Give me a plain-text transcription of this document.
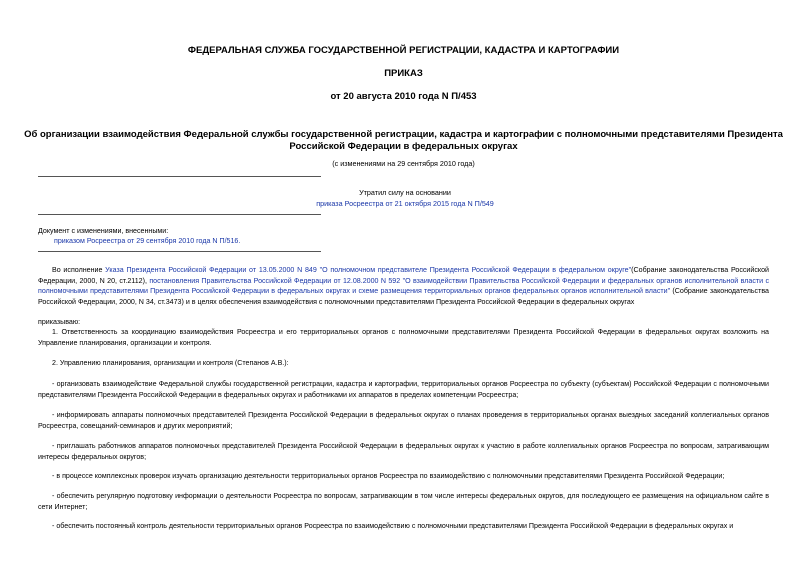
ФЕДЕРАЛЬНАЯ СЛУЖБА ГОСУДАРСТВЕННОЙ РЕГИСТРАЦИИ, КАДАСТРА И КАРТОГРАФИИ
ПРИКАЗ
от 20 августа 2010 года N П/453
Об организации взаимодействия Федеральной службы государственной регистрации, кадастра и картографии с полномочными представителями Президента
Российской Федерации в федеральных округах
(с изменениями на 29 сентября 2010 года)
Утратил силу на основании
приказа Росреестра от 21 октября 2015 года N П/549
Документ с изменениями, внесенными:
приказом Росреестра от 29 сентября 2010 года N П/516.
Во исполнение Указа Президента Российской Федерации от 13.05.2000 N 849 "О полномочном представителе Президента Российской Федерации в федеральном округе"(Собрание законодательства Российской Федерации, 2000, N 20, ст.2112), постановления Правительства Российской Федерации от 12.08.2000 N 592 "О взаимодействии Правительства Российской Федерации и федеральных органов исполнительной власти с полномочными представителями Президента Российской Федерации в федеральных округах и схеме размещения территориальных органов федеральных органов исполнительной власти" (Собрание законодательства Российской Федерации, 2000, N 34, ст.3473) и в целях обеспечения взаимодействия с полномочными представителями Президента Российской Федерации в федеральных округах
приказываю:
1. Ответственность за координацию взаимодействия Росреестра и его территориальных органов с полномочными представителями Президента Российской Федерации в федеральных округах возложить на Управление планирования, организации и контроля.
2. Управлению планирования, организации и контроля (Степанов А.В.):
- организовать взаимодействие Федеральной службы государственной регистрации, кадастра и картографии, территориальных органов Росреестра по субъекту (субъектам) Российской Федерации с полномочными представителями Президента Российской Федерации в федеральных округах и работниками их аппаратов в пределах компетенции Росреестра;
- информировать аппараты полномочных представителей Президента Российской Федерации в федеральных округах о планах проведения в территориальных органах выездных заседаний коллегиальных органов Росреестра, совещаний-семинаров и других мероприятий;
- приглашать работников аппаратов полномочных представителей Президента Российской Федерации в федеральных округах к участию в работе коллегиальных органов Росреестра по вопросам, затрагивающим интересы федеральных округов;
- в процессе комплексных проверок изучать организацию деятельности территориальных органов Росреестра по взаимодействию с полномочными представителями Президента Российской Федерации;
- обеспечить регулярную подготовку информации о деятельности Росреестра по вопросам, затрагивающим в том числе интересы федеральных округов, для последующего ее размещения на официальном сайте в сети Интернет;
- обеспечить постоянный контроль деятельности территориальных органов Росреестра по взаимодействию с полномочными представителями Президента Российской Федерации в федеральных округах и
